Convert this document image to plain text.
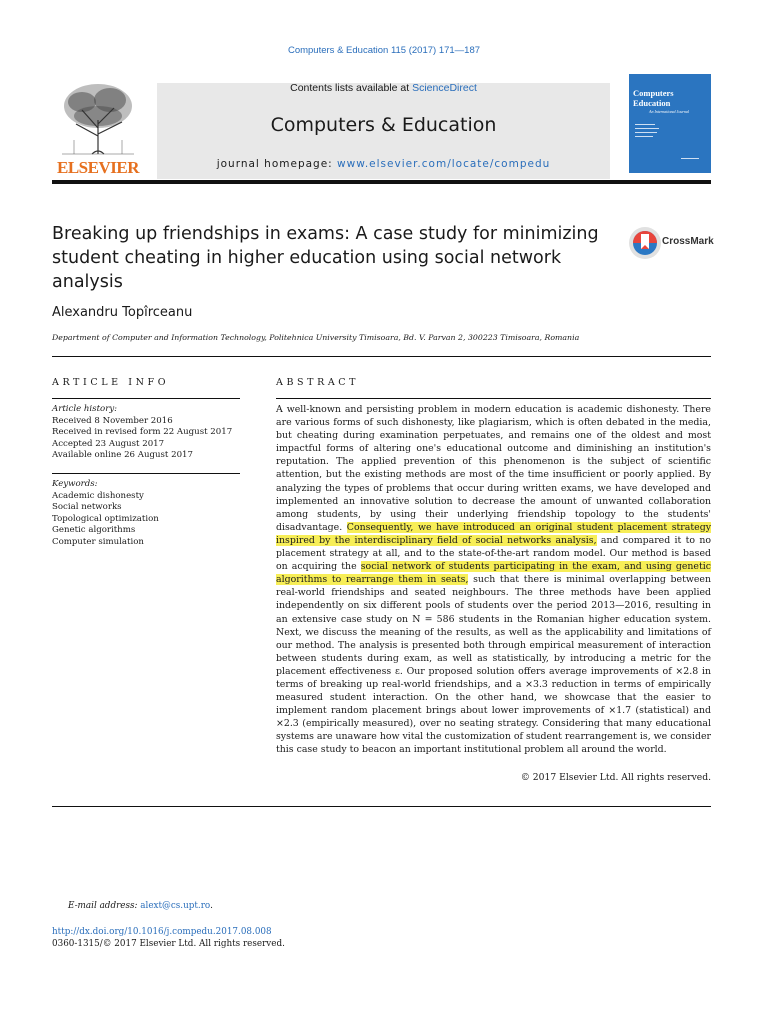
Computers & Education 115 (2017) 171—187
ELSEVIER
Contents lists available at ScienceDirect
Computers & Education
journal homepage: www.elsevier.com/locate/compedu
Computers
Education
An International Journal
Breaking up friendships in exams: A case study for minimizing student cheating in higher education using social network analysis
CrossMark
Alexandru Topîrceanu
Department of Computer and Information Technology, Politehnica University Timisoara, Bd. V. Parvan 2, 300223 Timisoara, Romania
ARTICLE INFO	ABSTRACT
Article history:
Received 8 November 2016
Received in revised form 22 August 2017
Accepted 23 August 2017
Available online 26 August 2017
Keywords:
Academic dishonesty
Social networks
Topological optimization
Genetic algorithms
Computer simulation
A well-known and persisting problem in modern education is academic dishonesty. There are various forms of such dishonesty, like plagiarism, which is often debated in the media, but cheating during examination perpetuates, and remains one of the oldest and most impactful forms of altering one's educational outcome and diminishing an institution's reputation. The applied prevention of this phenomenon is the subject of scientific attention, but the existing methods are most of the time insufficient or poorly applied. By analyzing the types of problems that occur during written exams, we have developed and implemented an innovative solution to decrease the amount of unwanted collaboration among students, by using their underlying friendship topology to the students' disadvantage. Consequently, we have introduced an original student placement strategy inspired by the interdisciplinary field of social networks analysis, and compared it to no placement strategy at all, and to the state-of-the-art random model. Our method is based on acquiring the social network of students participating in the exam, and using genetic algorithms to rearrange them in seats, such that there is minimal overlapping between real-world friendships and seated neighbours. The three methods have been applied independently on six different pools of students over the period 2013—2016, resulting in an extensive case study on N = 586 students in the Romanian higher education system. Next, we discuss the meaning of the results, as well as the applicability and limitations of our method. The analysis is presented both through empirical measurement of interaction between students during exam, as well as statistically, by introducing a metric for the placement effectiveness ε. Our proposed solution offers average improvements of ×2.8 in terms of breaking up real-world friendships, and a ×3.3 reduction in terms of empirically measured student interaction. On the other hand, we showcase that the easier to implement random placement brings about lower improvements of ×1.7 (statistical) and ×2.3 (empirically measured), over no seating strategy. Considering that many educational systems are unaware how vital the customization of student rearrangement is, we consider this case study to beacon an important institutional problem all around the world.
© 2017 Elsevier Ltd. All rights reserved.
E-mail address: alext@cs.upt.ro.
http://dx.doi.org/10.1016/j.compedu.2017.08.008
0360-1315/© 2017 Elsevier Ltd. All rights reserved.
